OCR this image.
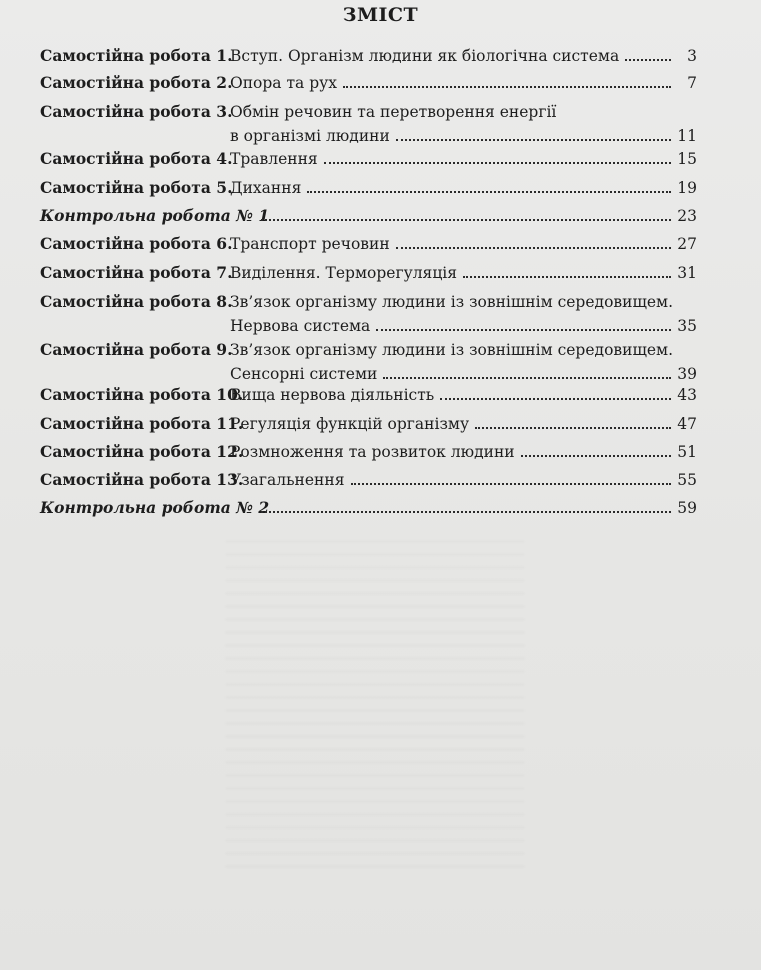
ЗМІСТ
Самостійна робота 1.
Вступ. Організм людини як біологічна система	3
Самостійна робота 2.
Опора та рух	7
Самостійна робота 3.
Обмін речовин та перетворення енергії
в організмі людини	11
Самостійна робота 4.
Травлення	15
Самостійна робота 5.
Дихання	19
Контрольна робота № 1	23
Самостійна робота 6.
Транспорт речовин	27
Самостійна робота 7.
Виділення. Терморегуляція	31
Самостійна робота 8.
Зв’язок організму людини із зовнішнім середовищем.
Нервова система	35
Самостійна робота 9.
Зв’язок організму людини із зовнішнім середовищем.
Сенсорні системи	39
Самостійна робота 10.
Вища нервова діяльність	43
Самостійна робота 11.
Регуляція функцій організму	47
Самостійна робота 12.
Розмноження та розвиток людини	51
Самостійна робота 13.
Узагальнення	55
Контрольна робота № 2	59
